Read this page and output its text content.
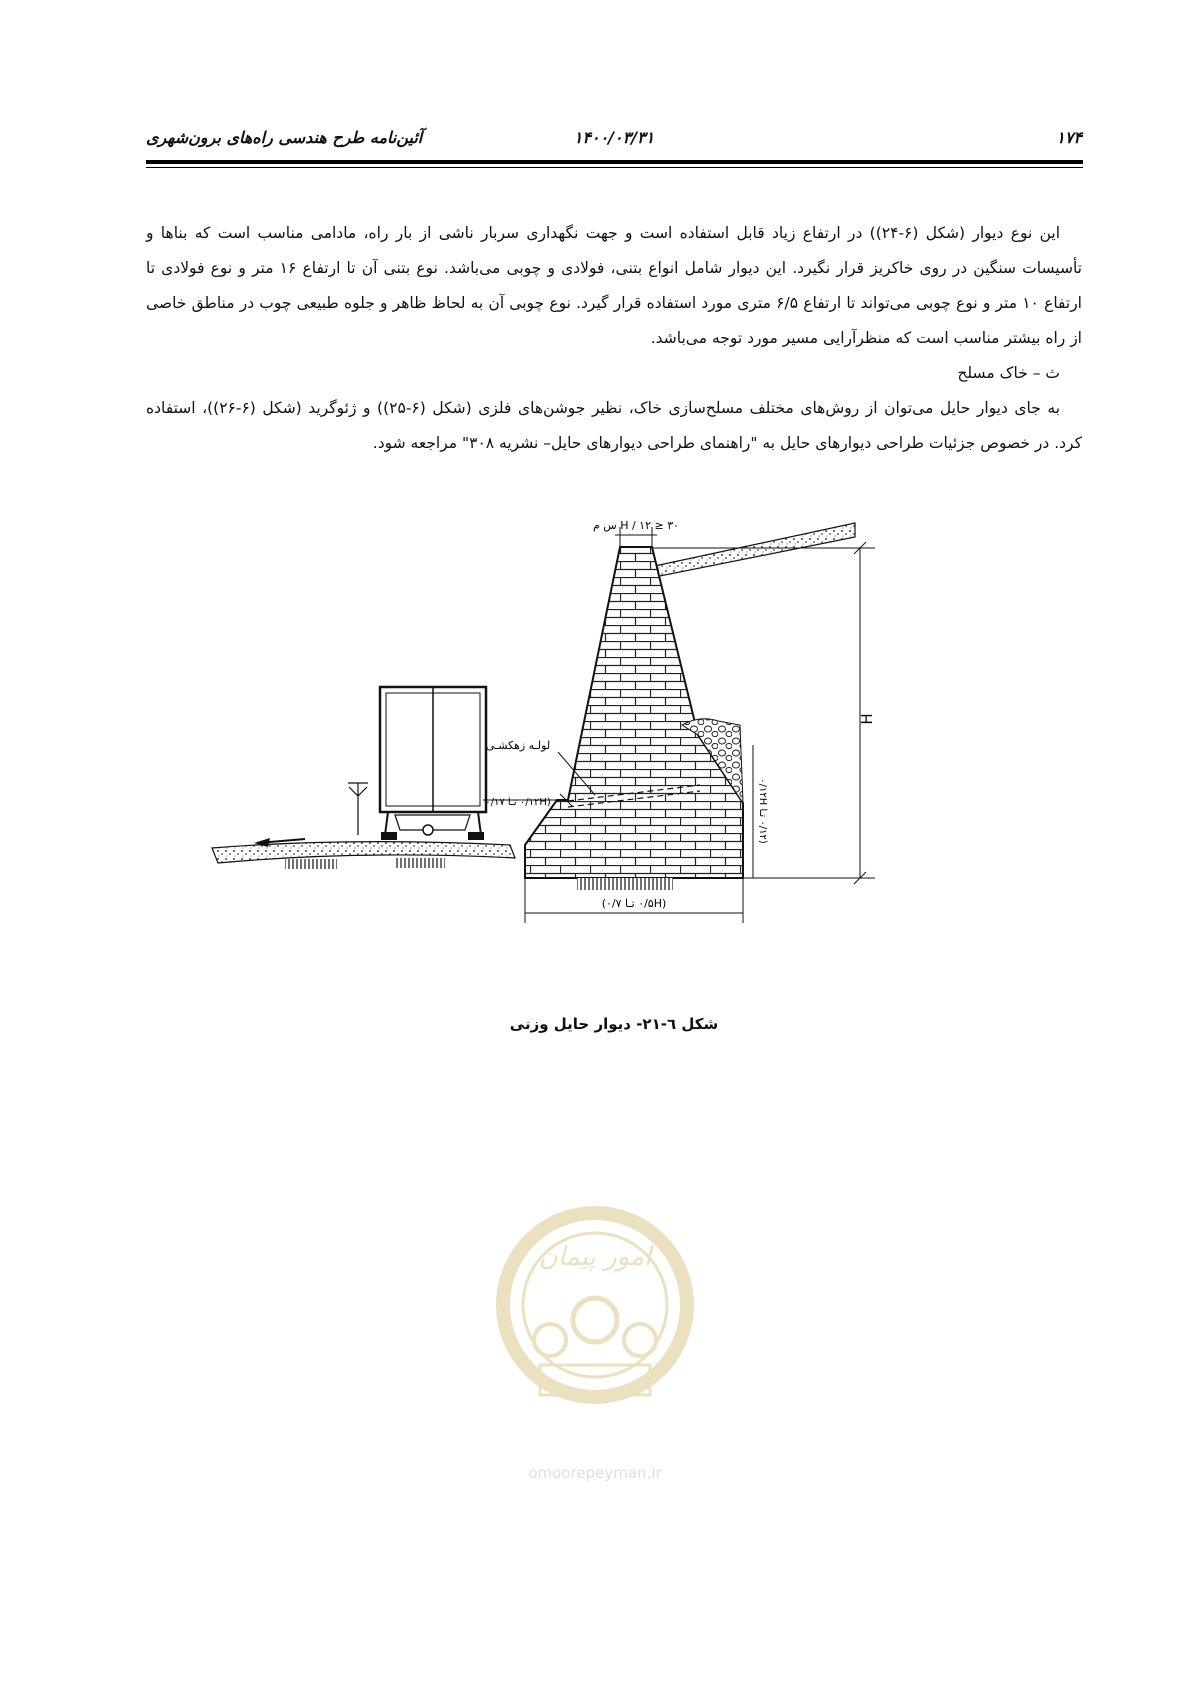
۱۷۴
۱۴۰۰/۰۳/۳۱
آئین‌نامه طرح هندسی راه‌های برون‌شهری

این نوع دیوار (شکل (۶-۲۴)) در ارتفاع زیاد قابل استفاده است و جهت نگهداری سربار ناشی از بار راه، مادامی مناسب است که بناها و تأسیسات سنگین در روی خاکریز قرار نگیرد. این دیوار شامل انواع بتنی، فولادی و چوبی می‌باشد. نوع بتنی آن تا ارتفاع ۱۶ متر و نوع فولادی تا ارتفاع ۱۰ متر و نوع چوبی می‌تواند تا ارتفاع ۶/۵ متری مورد استفاده قرار گیرد. نوع چوبی آن به لحاظ ظاهر و جلوه طبیعی چوب در مناطق خاصی از راه بیشتر مناسب است که منظرآرایی مسیر مورد توجه می‌باشد.

ث – خاک مسلح

به جای دیوار حایل می‌توان از روش‌های مختلف مسلح‌سازی خاک، نظیر جوشن‌های فلزی (شکل (۶-۲۵)) و ژئوگرید (شکل (۶-۲۶))، استفاده کرد. در خصوص جزئیات طراحی دیوارهای حایل به "راهنمای طراحی دیوارهای حایل– نشریه ۳۰۸" مراجعه شود.

H
H / ۱۲ ≥ ۳۰ س م
(۰/۵H تـا ۰/۷)
(۰/۱۲H تـا ۰/۱۷
لولـه زهکشـی
(۰/۱۲ تـا ۰/۱۲H
شکل ٦-۲۱- دیوار حایل وزنی
امور پیمان
omoorepeyman.ir
